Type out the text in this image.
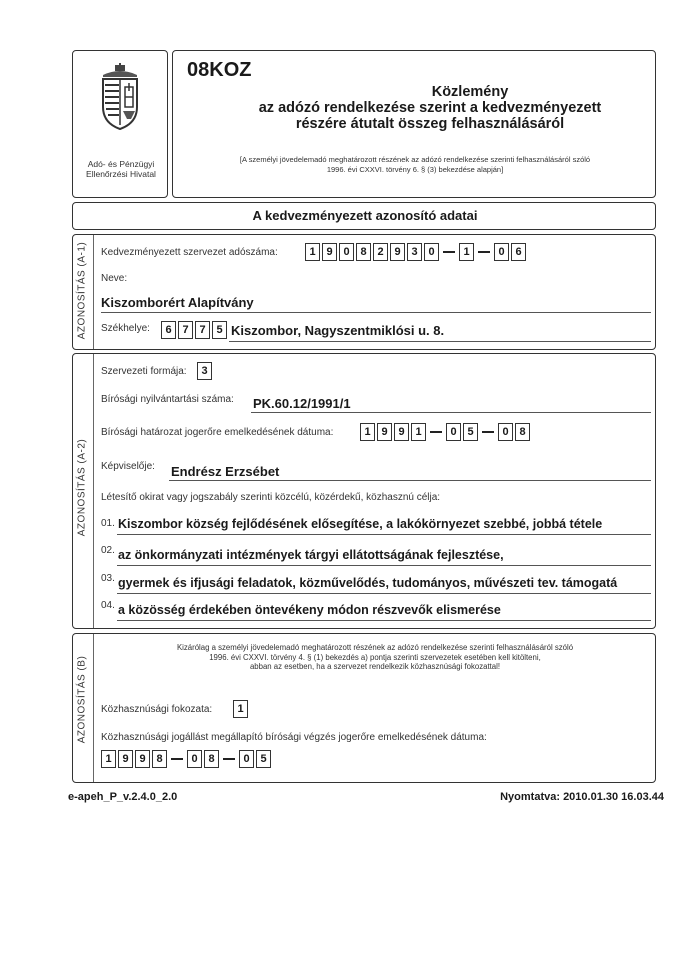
Adó- és Pénzügyi
Ellenőrzési Hivatal
08KOZ
Közlemény
az adózó rendelkezése szerint a kedvezményezett
részére átutalt összeg felhasználásáról
[A személyi jövedelemadó meghatározott részének az adózó rendelkezése szerinti felhasználásáról szóló
1996. évi CXXVI. törvény 6. § (3) bekezdése alapján]
A kedvezményezett azonosító adatai
AZONOSÍTÁS (A-1) Kedvezményezett szervezet adószáma:	1 9 0 8 2 9 3 0	1	0 6
Neve:
Kiszomborért Alapítvány
Székhelye:	6 7 7 5 Kiszombor, Nagyszentmiklósi u. 8.
AZONOSÍTÁS (A-2)
Szervezeti formája:	3
Bírósági nyilvántartási száma: PK.60.12/1991/1
Bírósági határozat jogerőre emelkedésének dátuma:	1 9 9 1	0 5	0 8
Képviselője: Endrész Erzsébet
Létesítő okirat vagy jogszabály szerinti közcélú, közérdekű, közhasznú célja:
01. Kiszombor község fejlődésének elősegítése, a lakókörnyezet szebbé, jobbá tétele
02. az önkormányzati intézmények tárgyi ellátottságának fejlesztése,
03. gyermek és ifjusági feladatok, közművelődés, tudományos, művészeti tev. támogatá
04. a közösség érdekében öntevékeny módon részvevők elismerése
AZONOSÍTÁS (B)
Kizárólag a személyi jövedelemadó meghatározott részének az adózó rendelkezése szerinti felhasználásáról szóló
1996. évi CXXVI. törvény 4. § (1) bekezdés a) pontja szerinti szervezetek esetében kell kitölteni,
abban az esetben, ha a szervezet rendelkezik közhasznúsági fokozattal!
Közhasznúsági fokozata:	1
Közhasznúsági jogállást megállapító bírósági végzés jogerőre emelkedésének dátuma:
1 9 9 8	0 8	0 5
e-apeh_P_v.2.4.0_2.0	Nyomtatva: 2010.01.30 16.03.44
